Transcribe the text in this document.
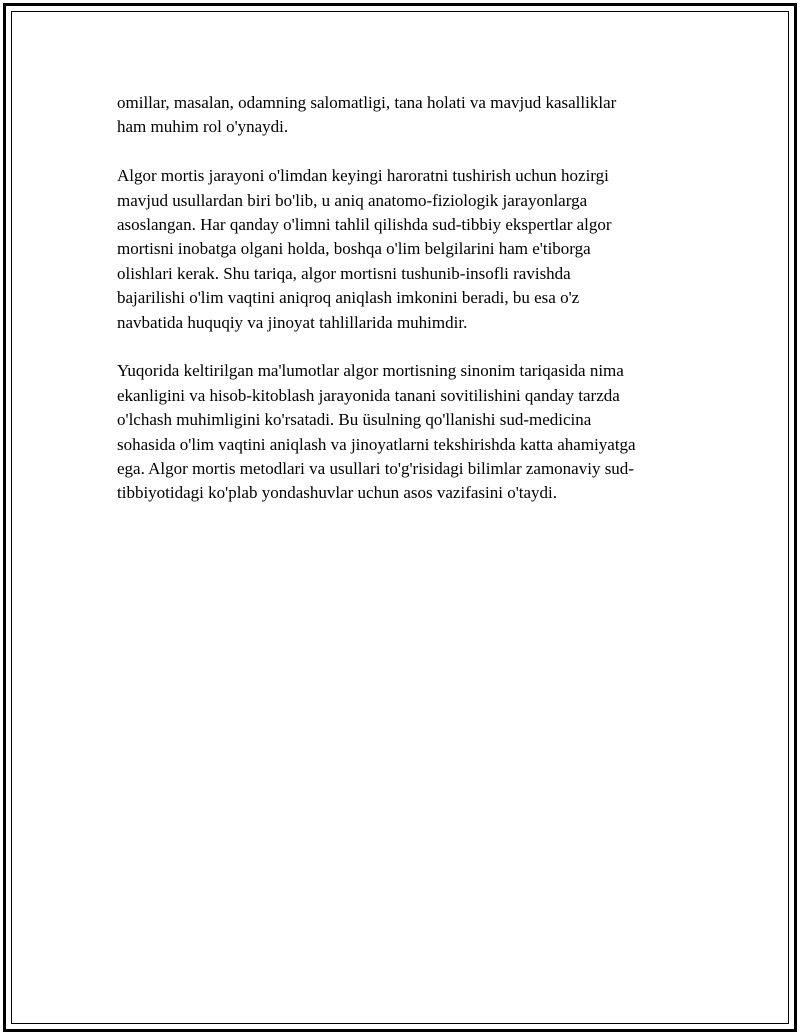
omillar, masalan, odamning salomatligi, tana holati va mavjud kasalliklar
ham muhim rol o'ynaydi.
Algor mortis jarayoni o'limdan keyingi haroratni tushirish uchun hozirgi
mavjud usullardan biri bo'lib, u aniq anatomo-fiziologik jarayonlarga
asoslangan. Har qanday o'limni tahlil qilishda sud-tibbiy ekspertlar algor
mortisni inobatga olgani holda, boshqa o'lim belgilarini ham e'tiborga
olishlari kerak. Shu tariqa, algor mortisni tushunib-insofli ravishda
bajarilishi o'lim vaqtini aniqroq aniqlash imkonini beradi, bu esa o'z
navbatida huquqiy va jinoyat tahlillarida muhimdir.
Yuqorida keltirilgan ma'lumotlar algor mortisning sinonim tariqasida nima
ekanligini va hisob-kitoblash jarayonida tanani sovitilishini qanday tarzda
o'lchash muhimligini ko'rsatadi. Bu üsulning qo'llanishi sud-medicina
sohasida o'lim vaqtini aniqlash va jinoyatlarni tekshirishda katta ahamiyatga
ega. Algor mortis metodlari va usullari to'g'risidagi bilimlar zamonaviy sud-
tibbiyotidagi ko'plab yondashuvlar uchun asos vazifasini o'taydi.
